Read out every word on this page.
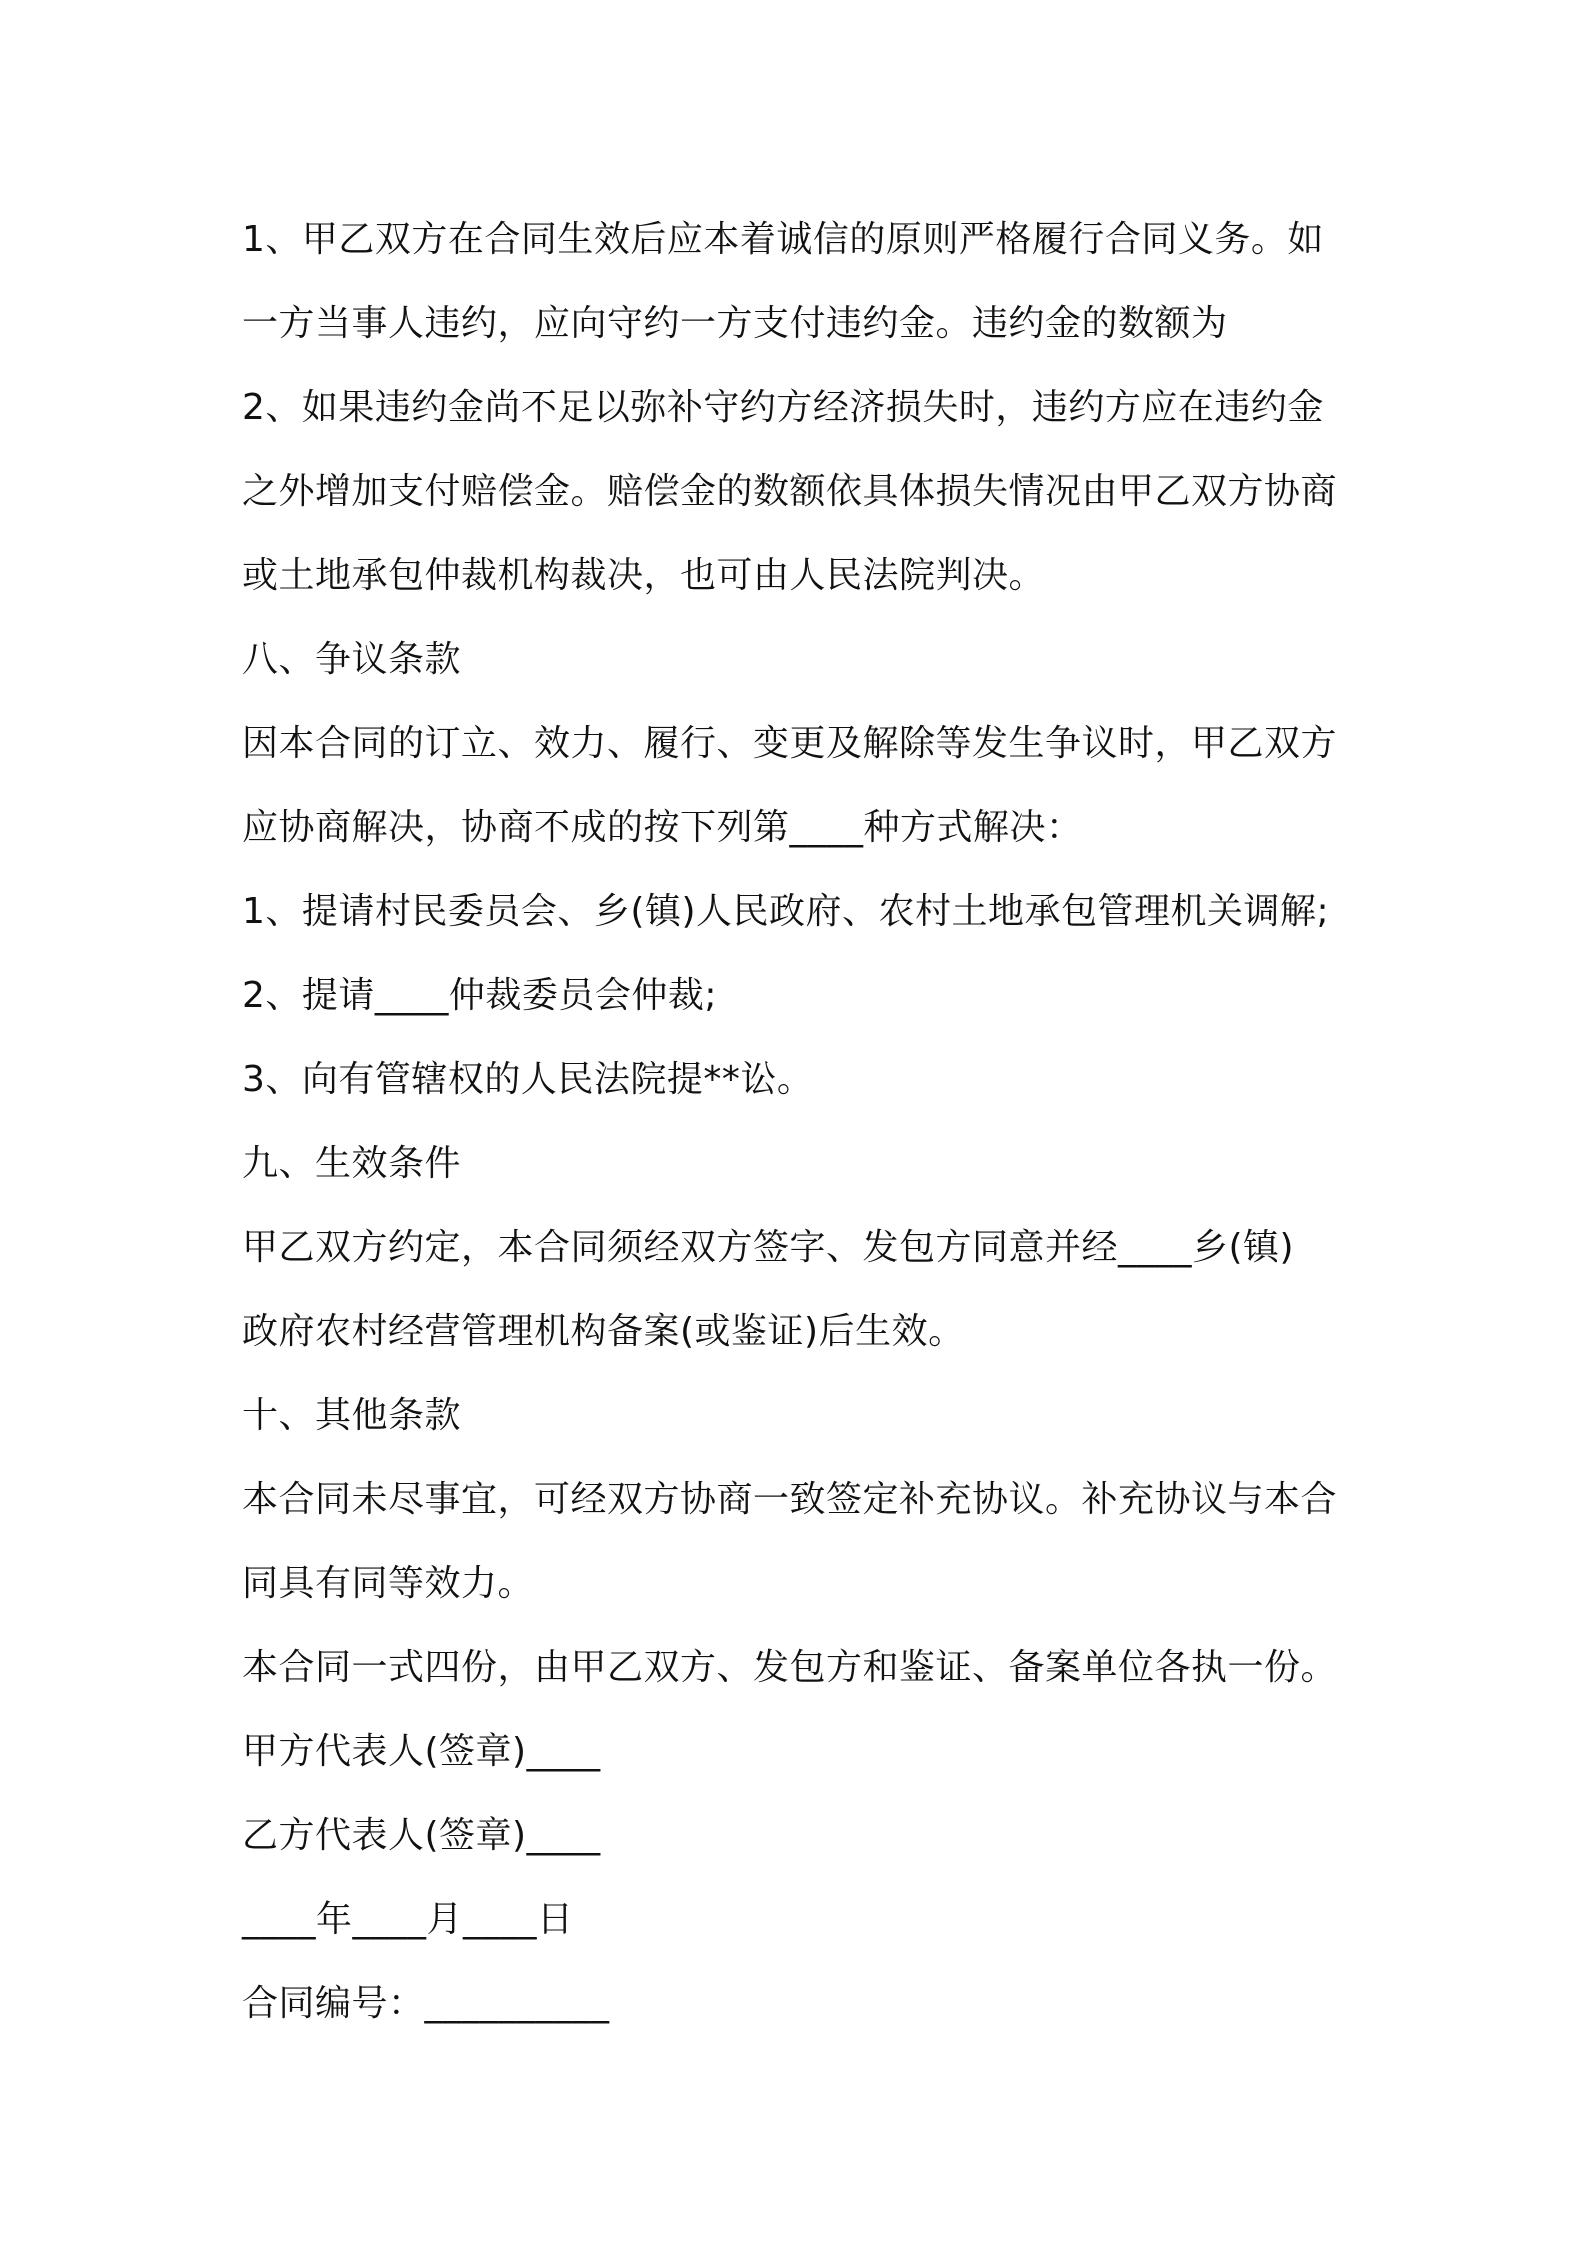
1、甲乙双方在合同生效后应本着诚信的原则严格履行合同义务。如
一方当事人违约，应向守约一方支付违约金。违约金的数额为
2、如果违约金尚不足以弥补守约方经济损失时，违约方应在违约金
之外增加支付赔偿金。赔偿金的数额依具体损失情况由甲乙双方协商
或土地承包仲裁机构裁决，也可由人民法院判决。
八、争议条款
因本合同的订立、效力、履行、变更及解除等发生争议时，甲乙双方
应协商解决，协商不成的按下列第____种方式解决：
1、提请村民委员会、乡(镇)人民政府、农村土地承包管理机关调解;
2、提请____仲裁委员会仲裁;
3、向有管辖权的人民法院提**讼。
九、生效条件
甲乙双方约定，本合同须经双方签字、发包方同意并经____乡(镇)
政府农村经营管理机构备案(或鉴证)后生效。
十、其他条款
本合同未尽事宜，可经双方协商一致签定补充协议。补充协议与本合
同具有同等效力。
本合同一式四份，由甲乙双方、发包方和鉴证、备案单位各执一份。
甲方代表人(签章)____
乙方代表人(签章)____
____年____月____日
合同编号：__________
